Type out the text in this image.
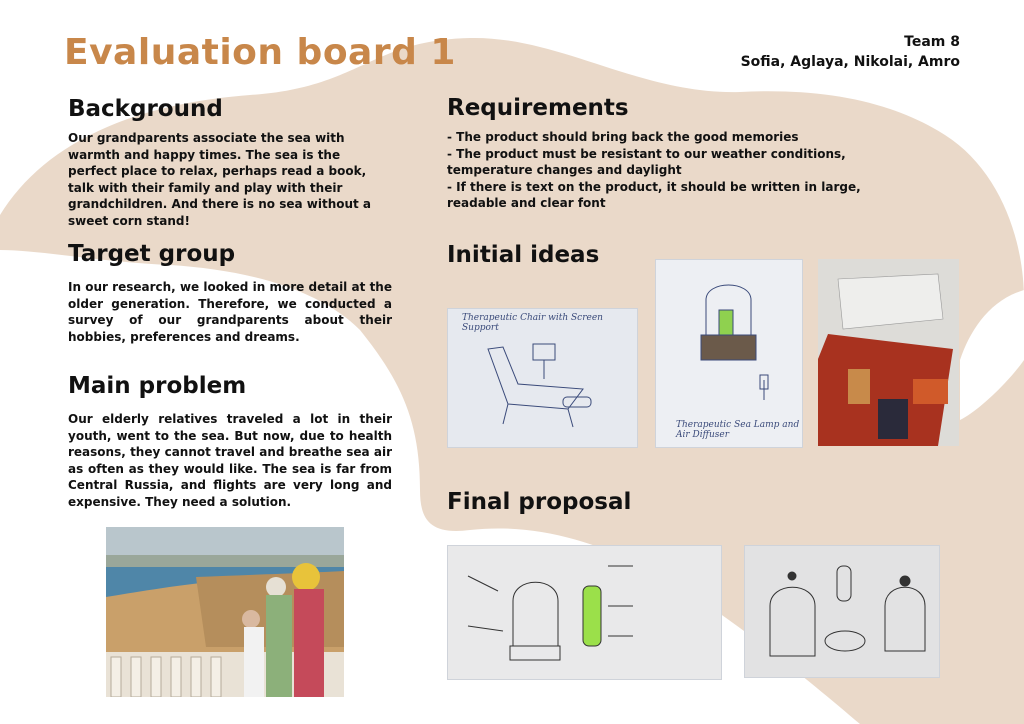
Evaluation board 1	Team 8
Sofia, Aglaya, Nikolai, Amro
Background
Our grandparents associate the sea with warmth and happy times. The sea is the perfect place to relax, perhaps read a book, talk with their family and play with their grandchildren. And there is no sea without a sweet corn stand!
Target group
In our research, we looked in more detail at the older generation. Therefore, we conducted a survey of our grandparents about their hobbies, preferences and dreams.
Main problem
Our elderly relatives traveled a lot in their youth, went to the sea. But now, due to health reasons, they cannot travel and breathe sea air as often as they would like. The sea is far from Central Russia, and flights are very long and expensive. They need a solution.
Requirements
- The product should bring back the good memories
- The product must be resistant to our weather conditions, temperature changes and daylight
- If there is text on the product, it should be written in large, readable and clear font
Initial ideas
Therapeutic Chair with Screen Support
Therapeutic Sea Lamp and Air Diffuser
Final proposal
